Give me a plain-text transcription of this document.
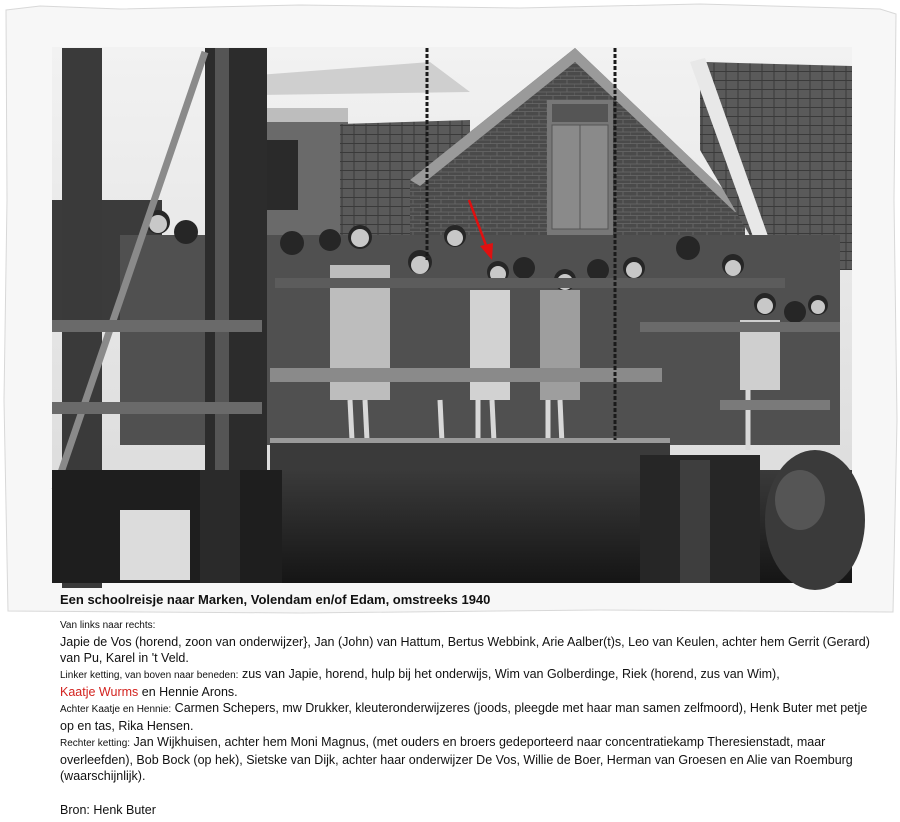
Een schoolreisje naar Marken, Volendam en/of Edam, omstreeks 1940

Van links naar rechts:
Japie de Vos (horend, zoon van onderwijzer}, Jan (John) van Hattum, Bertus Webbink, Arie Aalber(t)s, Leo van Keulen, achter hem Gerrit (Gerard) van Pu, Karel in 't Veld.

Linker ketting, van boven naar beneden: zus van Japie, horend, hulp bij het onderwijs, Wim van Golberdinge, Riek (horend, zus van Wim),
Kaatje Wurms en Hennie Arons.

Achter Kaatje en Hennie: Carmen Schepers, mw Drukker, kleuteronderwijzeres (joods, pleegde met haar man samen zelfmoord), Henk Buter met petje op en tas, Rika Hensen.

Rechter ketting: Jan Wijkhuisen, achter hem Moni Magnus, (met ouders en broers gedeporteerd naar concentratiekamp Theresienstadt, maar overleefden), Bob Bock (op hek), Sietske van Dijk, achter haar onderwijzer De Vos, Willie de Boer, Herman van Groesen en Alie van Roemburg (waarschijnlijk).

Bron: Henk Buter
